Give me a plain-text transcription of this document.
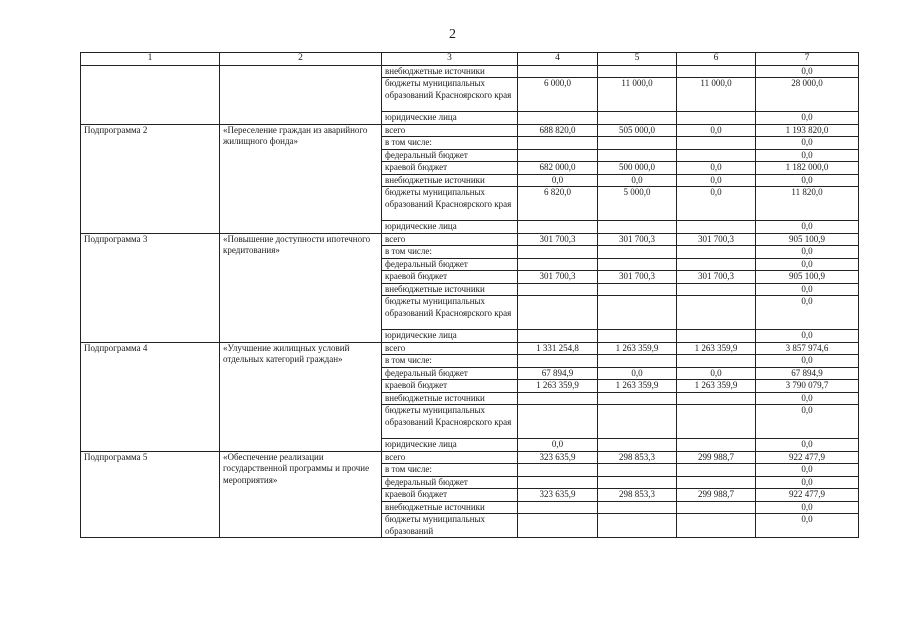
2
1	2	3	4	5	6	7
		внебюджетные источники				0,0
		бюджеты муниципальных образований Красноярского края	6 000,0	11 000,0	11 000,0	28 000,0
		юридические лица				0,0
Подпрограмма 2	«Переселение граждан из аварийного жилищного фонда»	всего	688 820,0	505 000,0	0,0	1 193 820,0
		в том числе:				0,0
		федеральный бюджет				0,0
		краевой бюджет	682 000,0	500 000,0	0,0	1 182 000,0
		внебюджетные источники	0,0	0,0	0,0	0,0
		бюджеты муниципальных образований Красноярского края	6 820,0	5 000,0	0,0	11 820,0
		юридические лица				0,0
Подпрограмма 3	«Повышение доступности ипотечного кредитования»	всего	301 700,3	301 700,3	301 700,3	905 100,9
		в том числе:				0,0
		федеральный бюджет				0,0
		краевой бюджет	301 700,3	301 700,3	301 700,3	905 100,9
		внебюджетные источники				0,0
		бюджеты муниципальных образований Красноярского края				0,0
		юридические лица				0,0
Подпрограмма 4	«Улучшение жилищных условий отдельных категорий граждан»	всего	1 331 254,8	1 263 359,9	1 263 359,9	3 857 974,6
		в том числе:				0,0
		федеральный бюджет	67 894,9	0,0	0,0	67 894,9
		краевой бюджет	1 263 359,9	1 263 359,9	1 263 359,9	3 790 079,7
		внебюджетные источники				0,0
		бюджеты муниципальных образований Красноярского края				0,0
		юридические лица	0,0			0,0
Подпрограмма 5	«Обеспечение реализации государственной программы и прочие мероприятия»	всего	323 635,9	298 853,3	299 988,7	922 477,9
		в том числе:				0,0
		федеральный бюджет				0,0
		краевой бюджет	323 635,9	298 853,3	299 988,7	922 477,9
		внебюджетные источники				0,0
		бюджеты муниципальных образований				0,0
